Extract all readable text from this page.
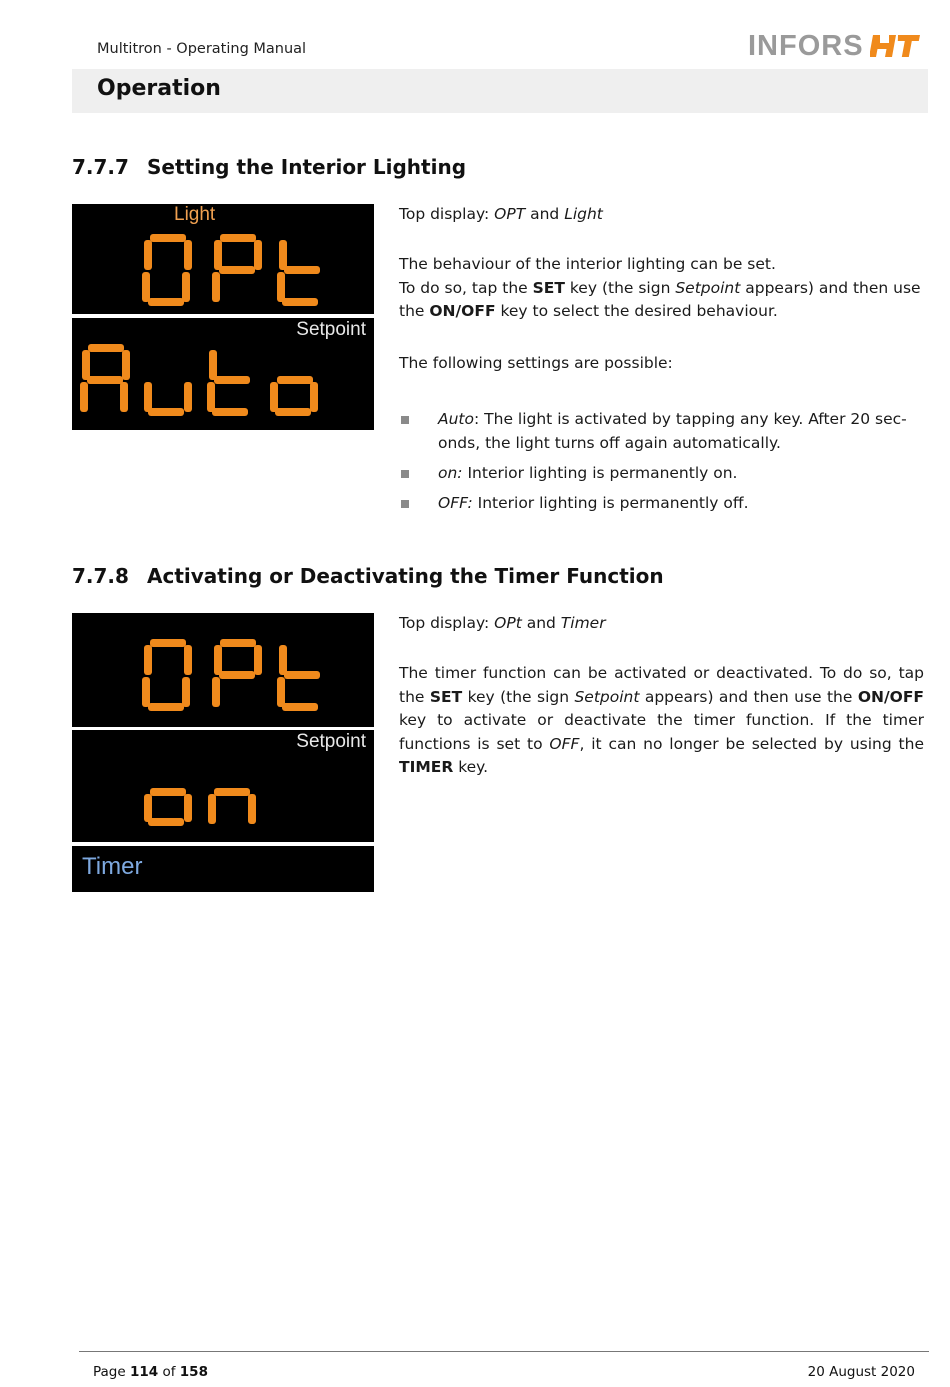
Multitron - Operating Manual	INFORS
Operation
7.7.7 Setting the Interior Lighting
Light
Setpoint
Top display: OPT and Light

The behaviour of the interior lighting can be set.

To do so, tap the SET key (the sign Setpoint appears) and then use the ON/OFF key to select the desired behaviour.

The following settings are possible:
Auto: The light is activated by tapping any key. After 20 sec-onds, the light turns off again automatically.
on: Interior lighting is permanently on.
OFF: Interior lighting is permanently off.
7.7.8 Activating or Deactivating the Timer Function
Setpoint
Timer
Top display: OPt and Timer
The timer function can be activated or deactivated. To do so, tap the SET key (the sign Setpoint appears) and then use the ON/OFF key to activate or deactivate the timer function. If the timer functions is set to OFF, it can no longer be selected by using the TIMER key.
Page 114 of 158	20 August 2020
